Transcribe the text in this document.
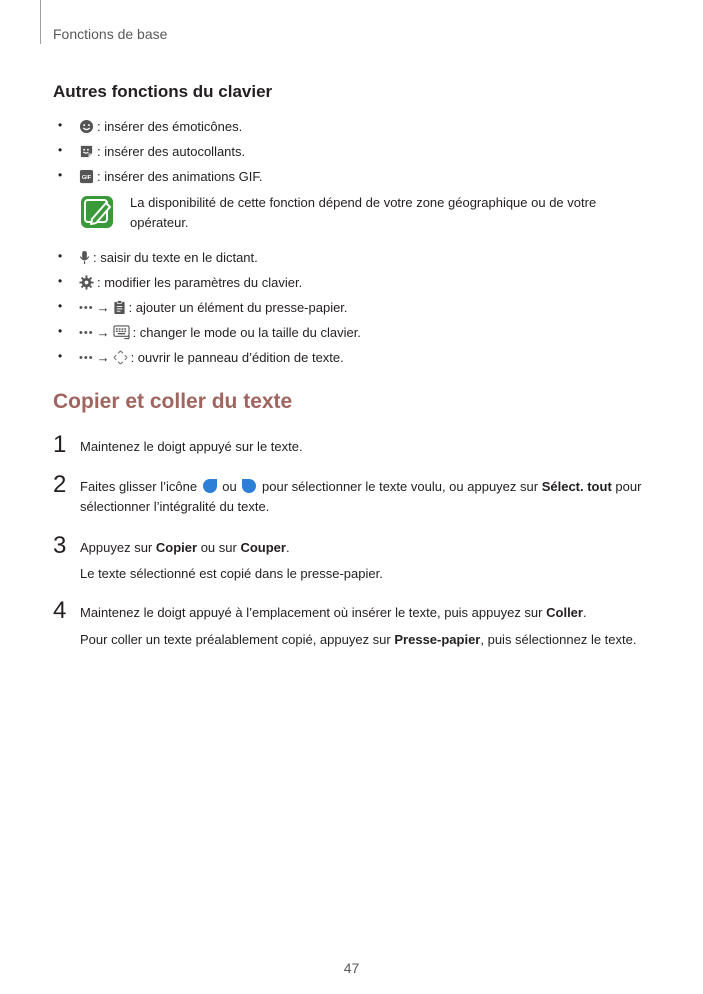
Fonctions de base
Autres fonctions du clavier
•	: insérer des émoticônes.
•	: insérer des autocollants.
•	GIF : insérer des animations GIF.
La disponibilité de cette fonction dépend de votre zone géographique ou de votre opérateur.
• : saisir du texte en le dictant.
•	: modifier les paramètres du clavier.
• ••• → : ajouter un élément du presse-papier.
• ••• → : changer le mode ou la taille du clavier.
• ••• → : ouvrir le panneau d’édition de texte.
Copier et coller du texte
1 Maintenez le doigt appuyé sur le texte.
2 Faites glisser l’icône ou pour sélectionner le texte voulu, ou appuyez sur Sélect. tout pour sélectionner l’intégralité du texte.
3 Appuyez sur Copier ou sur Couper.
Le texte sélectionné est copié dans le presse-papier.
4 Maintenez le doigt appuyé à l’emplacement où insérer le texte, puis appuyez sur Coller.
Pour coller un texte préalablement copié, appuyez sur Presse-papier, puis sélectionnez le texte.
47
